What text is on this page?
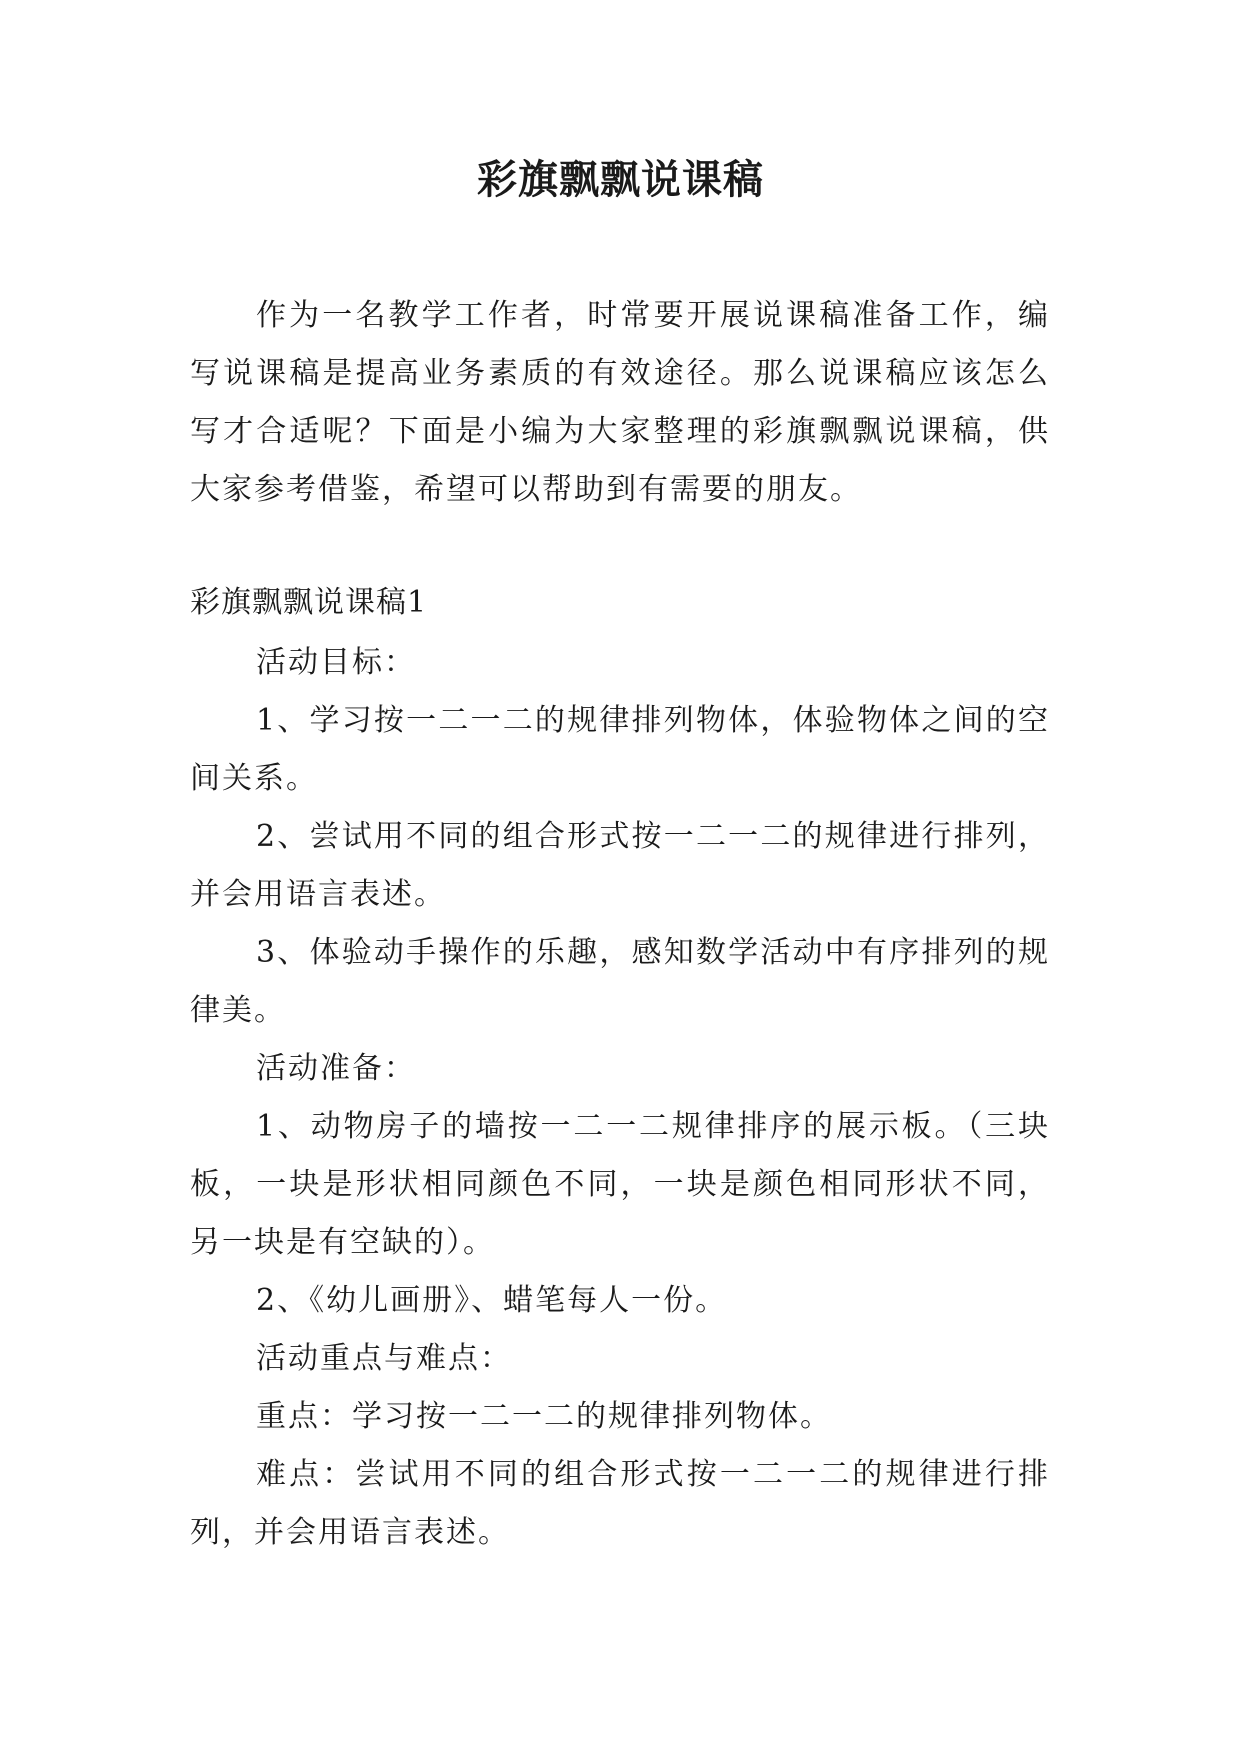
彩旗飘飘说课稿

作为一名教学工作者，时常要开展说课稿准备工作，编写说课稿是提高业务素质的有效途径。那么说课稿应该怎么写才合适呢？下面是小编为大家整理的彩旗飘飘说课稿，供大家参考借鉴，希望可以帮助到有需要的朋友。

彩旗飘飘说课稿1

活动目标：

1、学习按一二一二的规律排列物体，体验物体之间的空间关系。

2、尝试用不同的组合形式按一二一二的规律进行排列，并会用语言表述。

3、体验动手操作的乐趣，感知数学活动中有序排列的规律美。

活动准备：

1、动物房子的墙按一二一二规律排序的展示板。（三块板，一块是形状相同颜色不同，一块是颜色相同形状不同，另一块是有空缺的）。

2、《幼儿画册》、蜡笔每人一份。

活动重点与难点：

重点：学习按一二一二的规律排列物体。

难点：尝试用不同的组合形式按一二一二的规律进行排列，并会用语言表述。
